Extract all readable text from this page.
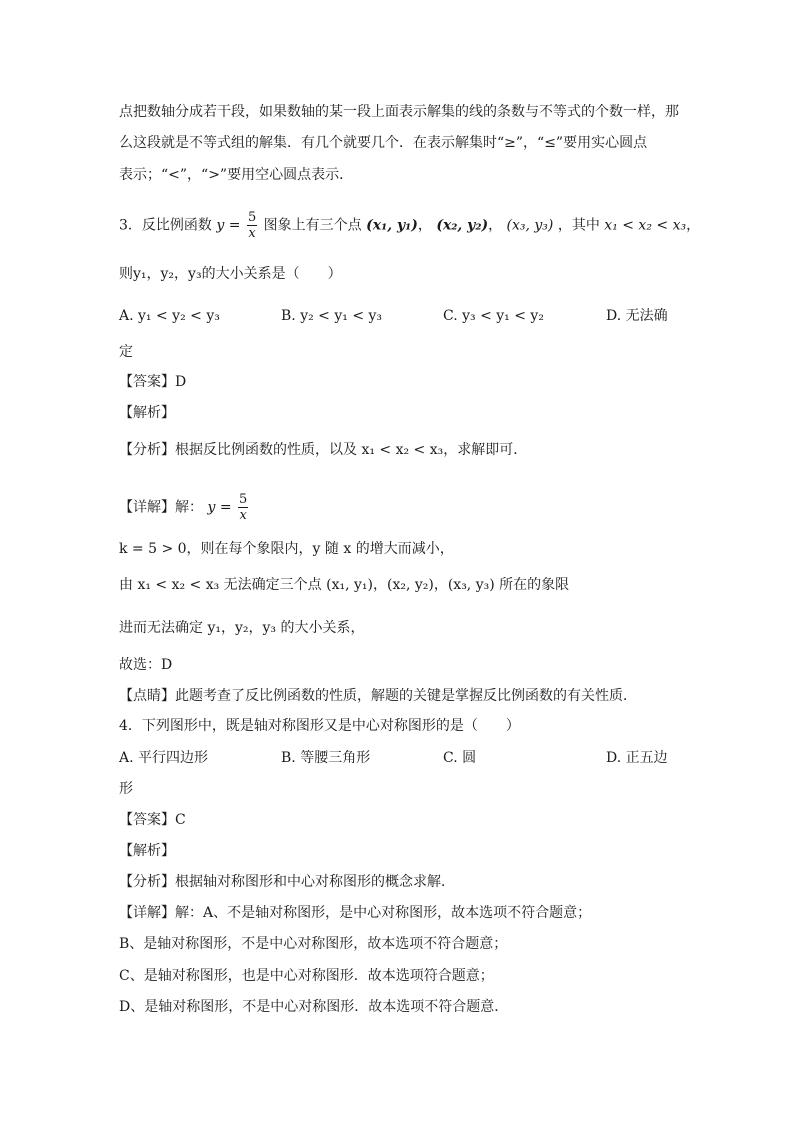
点把数轴分成若干段，如果数轴的某一段上面表示解集的线的条数与不等式的个数一样，那
么这段就是不等式组的解集．有几个就要几个．在表示解集时“≥”，“≤”要用实心圆点
表示；“<”，“>”要用空心圆点表示．
3．反比例函数 $y = \frac{5}{x}$ 图象上有三个点 (x₁, y₁)， (x₂, y₂)， (x₃, y₃) ，其中 x₁ < x₂ < x₃，
则y₁，y₂，y₃的大小关系是（　　）
A. y₁ < y₂ < y₃	B. y₂ < y₁ < y₃	C. y₃ < y₁ < y₂	D. 无法确
定
【答案】D
【解析】
【分析】根据反比例函数的性质，以及 x₁ < x₂ < x₃，求解即可．
【详解】解： $y = \frac{5}{x}$
k = 5 > 0，则在每个象限内，y 随 x 的增大而减小，
由 x₁ < x₂ < x₃ 无法确定三个点 (x₁, y₁)，(x₂, y₂)，(x₃, y₃) 所在的象限
进而无法确定 y₁，y₂，y₃ 的大小关系，
故选：D
【点睛】此题考查了反比例函数的性质，解题的关键是掌握反比例函数的有关性质．
4．下列图形中，既是轴对称图形又是中心对称图形的是（　　）
A. 平行四边形	B. 等腰三角形	C. 圆	D. 正五边
形
【答案】C
【解析】
【分析】根据轴对称图形和中心对称图形的概念求解．
【详解】解：A、不是轴对称图形，是中心对称图形，故本选项不符合题意；
B、是轴对称图形，不是中心对称图形，故本选项不符合题意；
C、是轴对称图形，也是中心对称图形．故本选项符合题意；
D、是轴对称图形，不是中心对称图形．故本选项不符合题意．
